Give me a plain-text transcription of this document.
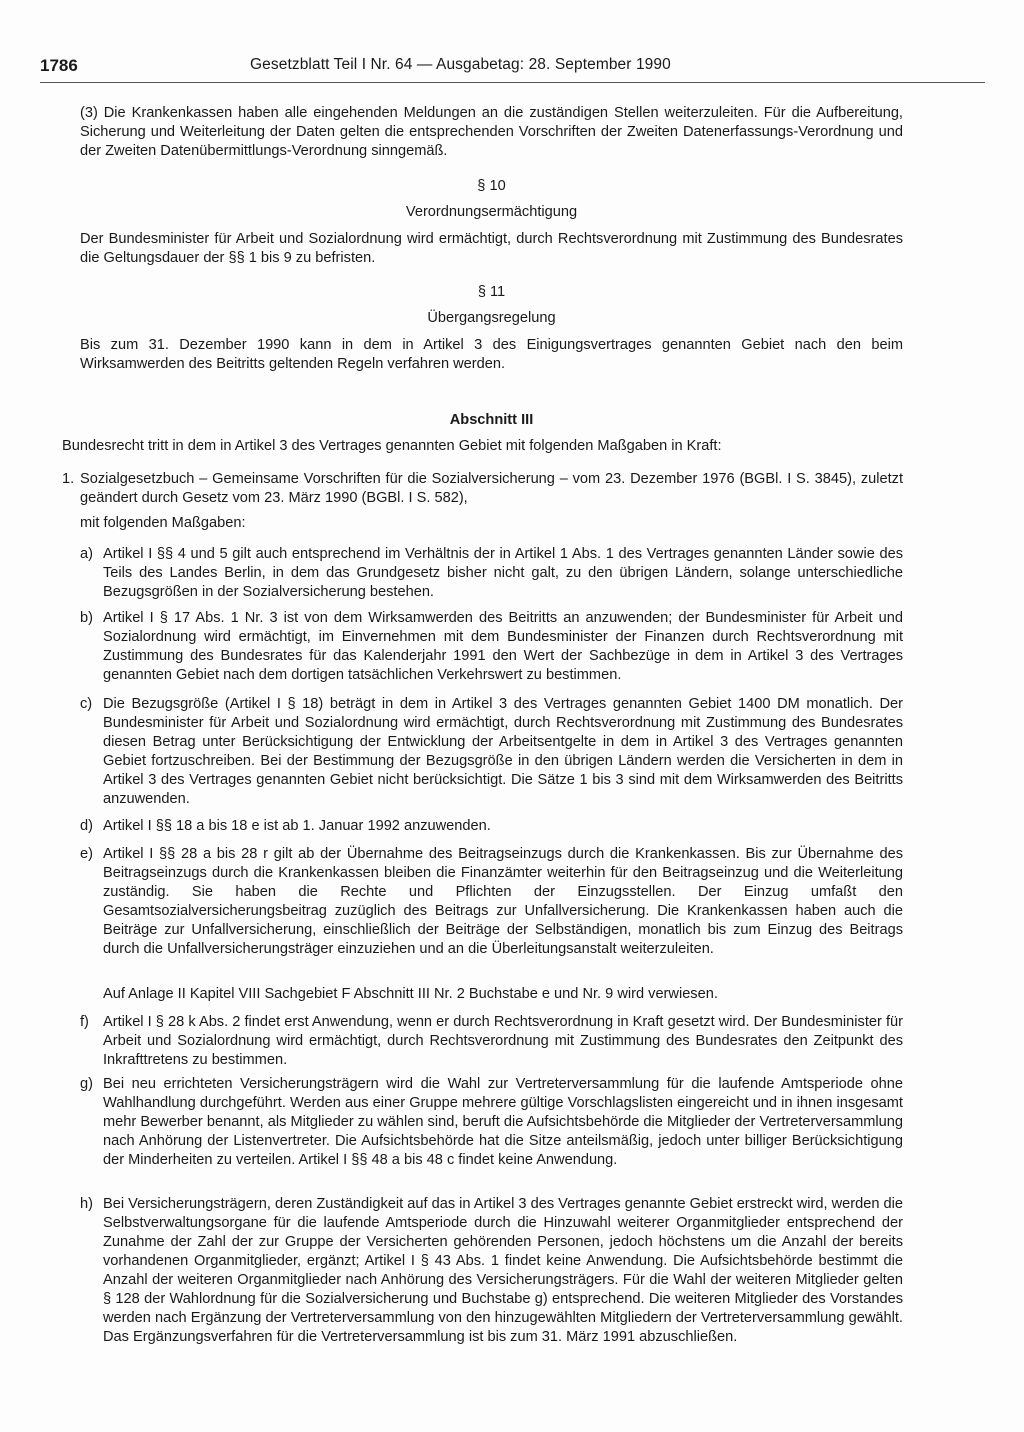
1786	Gesetzblatt Teil I Nr. 64 — Ausgabetag: 28. September 1990

(3) Die Krankenkassen haben alle eingehenden Meldungen an die zuständigen Stellen weiterzuleiten. Für die Aufbereitung, Sicherung und Weiterleitung der Daten gelten die entsprechenden Vorschriften der Zweiten Datenerfassungs-Verordnung und der Zweiten Datenübermittlungs-Verordnung sinngemäß.

§ 10
Verordnungsermächtigung

Der Bundesminister für Arbeit und Sozialordnung wird ermächtigt, durch Rechtsverordnung mit Zustimmung des Bundesrates die Geltungsdauer der §§ 1 bis 9 zu befristen.

§ 11
Übergangsregelung

Bis zum 31. Dezember 1990 kann in dem in Artikel 3 des Einigungsvertrages genannten Gebiet nach den beim Wirksamwerden des Beitritts geltenden Regeln verfahren werden.

Abschnitt III

Bundesrecht tritt in dem in Artikel 3 des Vertrages genannten Gebiet mit folgenden Maßgaben in Kraft:

1. Sozialgesetzbuch – Gemeinsame Vorschriften für die Sozialversicherung – vom 23. Dezember 1976 (BGBl. I S. 3845), zuletzt geändert durch Gesetz vom 23. März 1990 (BGBl. I S. 582),

mit folgenden Maßgaben:

a) Artikel I §§ 4 und 5 gilt auch entsprechend im Verhältnis der in Artikel 1 Abs. 1 des Vertrages genannten Länder sowie des Teils des Landes Berlin, in dem das Grundgesetz bisher nicht galt, zu den übrigen Ländern, solange unterschiedliche Bezugsgrößen in der Sozialversicherung bestehen.

b) Artikel I § 17 Abs. 1 Nr. 3 ist von dem Wirksamwerden des Beitritts an anzuwenden; der Bundesminister für Arbeit und Sozialordnung wird ermächtigt, im Einvernehmen mit dem Bundesminister der Finanzen durch Rechtsverordnung mit Zustimmung des Bundesrates für das Kalenderjahr 1991 den Wert der Sachbezüge in dem in Artikel 3 des Vertrages genannten Gebiet nach dem dortigen tatsächlichen Verkehrswert zu bestimmen.

c) Die Bezugsgröße (Artikel I § 18) beträgt in dem in Artikel 3 des Vertrages genannten Gebiet 1400 DM monatlich. Der Bundesminister für Arbeit und Sozialordnung wird ermächtigt, durch Rechtsverordnung mit Zustimmung des Bundesrates diesen Betrag unter Berücksichtigung der Entwicklung der Arbeitsentgelte in dem in Artikel 3 des Vertrages genannten Gebiet fortzuschreiben. Bei der Bestimmung der Bezugsgröße in den übrigen Ländern werden die Versicherten in dem in Artikel 3 des Vertrages genannten Gebiet nicht berücksichtigt. Die Sätze 1 bis 3 sind mit dem Wirksamwerden des Beitritts anzuwenden.

d) Artikel I §§ 18 a bis 18 e ist ab 1. Januar 1992 anzuwenden.

e) Artikel I §§ 28 a bis 28 r gilt ab der Übernahme des Beitragseinzugs durch die Krankenkassen. Bis zur Übernahme des Beitragseinzugs durch die Krankenkassen bleiben die Finanzämter weiterhin für den Beitragseinzug und die Weiterleitung zuständig. Sie haben die Rechte und Pflichten der Einzugsstellen. Der Einzug umfaßt den Gesamtsozialversicherungsbeitrag zuzüglich des Beitrags zur Unfallversicherung. Die Krankenkassen haben auch die Beiträge zur Unfallversicherung, einschließlich der Beiträge der Selbständigen, monatlich bis zum Einzug des Beitrags durch die Unfallversicherungsträger einzuziehen und an die Überleitungsanstalt weiterzuleiten.

Auf Anlage II Kapitel VIII Sachgebiet F Abschnitt III Nr. 2 Buchstabe e und Nr. 9 wird verwiesen.

f) Artikel I § 28 k Abs. 2 findet erst Anwendung, wenn er durch Rechtsverordnung in Kraft gesetzt wird. Der Bundesminister für Arbeit und Sozialordnung wird ermächtigt, durch Rechtsverordnung mit Zustimmung des Bundesrates den Zeitpunkt des Inkrafttretens zu bestimmen.

g) Bei neu errichteten Versicherungsträgern wird die Wahl zur Vertreterversammlung für die laufende Amtsperiode ohne Wahlhandlung durchgeführt. Werden aus einer Gruppe mehrere gültige Vorschlagslisten eingereicht und in ihnen insgesamt mehr Bewerber benannt, als Mitglieder zu wählen sind, beruft die Aufsichtsbehörde die Mitglieder der Vertreterversammlung nach Anhörung der Listenvertreter. Die Aufsichtsbehörde hat die Sitze anteilsmäßig, jedoch unter billiger Berücksichtigung der Minderheiten zu verteilen. Artikel I §§ 48 a bis 48 c findet keine Anwendung.

h) Bei Versicherungsträgern, deren Zuständigkeit auf das in Artikel 3 des Vertrages genannte Gebiet erstreckt wird, werden die Selbstverwaltungsorgane für die laufende Amtsperiode durch die Hinzuwahl weiterer Organmitglieder entsprechend der Zunahme der Zahl der zur Gruppe der Versicherten gehörenden Personen, jedoch höchstens um die Anzahl der bereits vorhandenen Organmitglieder, ergänzt; Artikel I § 43 Abs. 1 findet keine Anwendung. Die Aufsichtsbehörde bestimmt die Anzahl der weiteren Organmitglieder nach Anhörung des Versicherungsträgers. Für die Wahl der weiteren Mitglieder gelten § 128 der Wahlordnung für die Sozialversicherung und Buchstabe g) entsprechend. Die weiteren Mitglieder des Vorstandes werden nach Ergänzung der Vertreterversammlung von den hinzugewählten Mitgliedern der Vertreterversammlung gewählt. Das Ergänzungsverfahren für die Vertreterversammlung ist bis zum 31. März 1991 abzuschließen.
